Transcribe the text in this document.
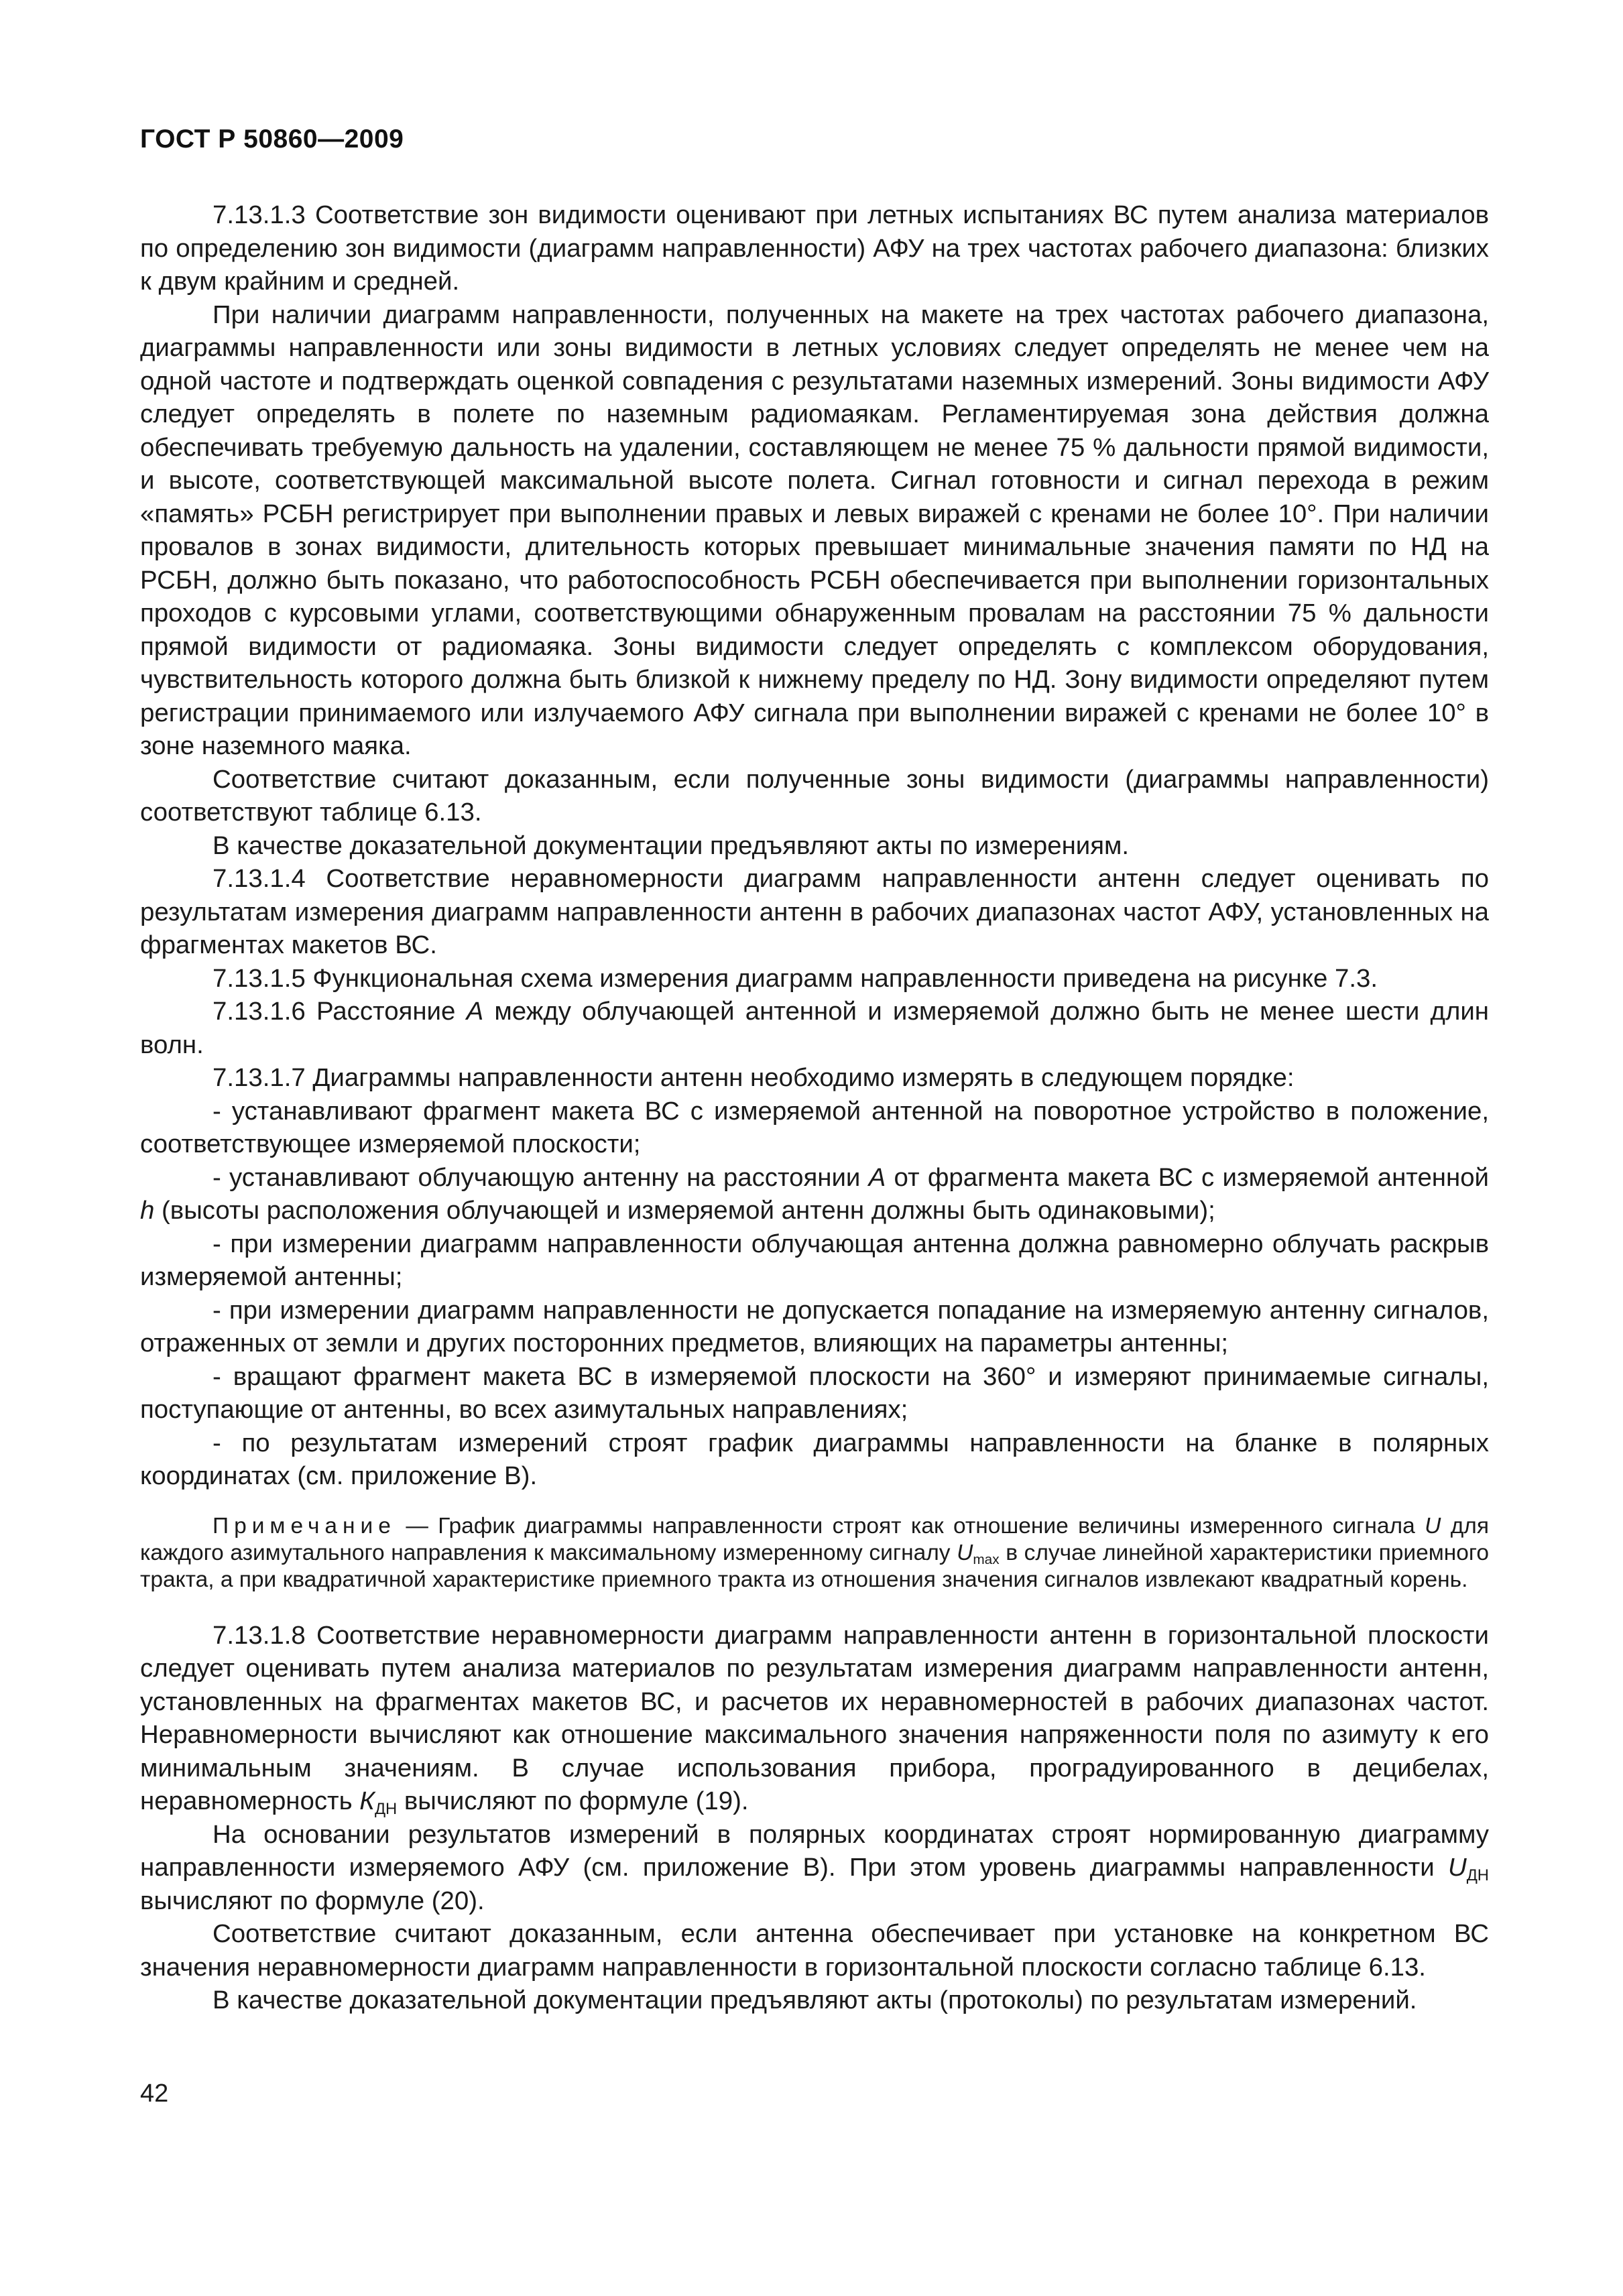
ГОСТ Р 50860—2009

7.13.1.3 Соответствие зон видимости оценивают при летных испытаниях ВС путем анализа материалов по определению зон видимости (диаграмм направленности) АФУ на трех частотах рабочего диапазона: близких к двум крайним и средней.

При наличии диаграмм направленности, полученных на макете на трех частотах рабочего диапазона, диаграммы направленности или зоны видимости в летных условиях следует определять не менее чем на одной частоте и подтверждать оценкой совпадения с результатами наземных измерений. Зоны видимости АФУ следует определять в полете по наземным радиомаякам. Регламентируемая зона действия должна обеспечивать требуемую дальность на удалении, составляющем не менее 75 % дальности прямой видимости, и высоте, соответствующей максимальной высоте полета. Сигнал готовности и сигнал перехода в режим «память» РСБН регистрирует при выполнении правых и левых виражей с кренами не более 10°. При наличии провалов в зонах видимости, длительность которых превышает минимальные значения памяти по НД на РСБН, должно быть показано, что работоспособность РСБН обеспечивается при выполнении горизонтальных проходов с курсовыми углами, соответствующими обнаруженным провалам на расстоянии 75 % дальности прямой видимости от радиомаяка. Зоны видимости следует определять с комплексом оборудования, чувствительность которого должна быть близкой к нижнему пределу по НД. Зону видимости определяют путем регистрации принимаемого или излучаемого АФУ сигнала при выполнении виражей с кренами не более 10° в зоне наземного маяка.

Соответствие считают доказанным, если полученные зоны видимости (диаграммы направленности) соответствуют таблице 6.13.

В качестве доказательной документации предъявляют акты по измерениям.

7.13.1.4 Соответствие неравномерности диаграмм направленности антенн следует оценивать по результатам измерения диаграмм направленности антенн в рабочих диапазонах частот АФУ, установленных на фрагментах макетов ВС.

7.13.1.5 Функциональная схема измерения диаграмм направленности приведена на рисунке 7.3.

7.13.1.6 Расстояние А между облучающей антенной и измеряемой должно быть не менее шести длин волн.

7.13.1.7 Диаграммы направленности антенн необходимо измерять в следующем порядке:

- устанавливают фрагмент макета ВС с измеряемой антенной на поворотное устройство в положение, соответствующее измеряемой плоскости;

- устанавливают облучающую антенну на расстоянии А от фрагмента макета ВС с измеряемой антенной h (высоты расположения облучающей и измеряемой антенн должны быть одинаковыми);

- при измерении диаграмм направленности облучающая антенна должна равномерно облучать раскрыв измеряемой антенны;

- при измерении диаграмм направленности не допускается попадание на измеряемую антенну сигналов, отраженных от земли и других посторонних предметов, влияющих на параметры антенны;

- вращают фрагмент макета ВС в измеряемой плоскости на 360° и измеряют принимаемые сигналы, поступающие от антенны, во всех азимутальных направлениях;

- по результатам измерений строят график диаграммы направленности на бланке в полярных координатах (см. приложение В).

Примечание — График диаграммы направленности строят как отношение величины измеренного сигнала U для каждого азимутального направления к максимальному измеренному сигналу $U_{max}$ в случае линейной характеристики приемного тракта, а при квадратичной характеристике приемного тракта из отношения значения сигналов извлекают квадратный корень.

7.13.1.8 Соответствие неравномерности диаграмм направленности антенн в горизонтальной плоскости следует оценивать путем анализа материалов по результатам измерения диаграмм направленности антенн, установленных на фрагментах макетов ВС, и расчетов их неравномерностей в рабочих диапазонах частот. Неравномерности вычисляют как отношение максимального значения напряженности поля по азимуту к его минимальным значениям. В случае использования прибора, проградуированного в децибелах, неравномерность $К_{ДН}$ вычисляют по формуле (19).

На основании результатов измерений в полярных координатах строят нормированную диаграмму направленности измеряемого АФУ (см. приложение В). При этом уровень диаграммы направленности $U_{ДН}$ вычисляют по формуле (20).

Соответствие считают доказанным, если антенна обеспечивает при установке на конкретном ВС значения неравномерности диаграмм направленности в горизонтальной плоскости согласно таблице 6.13.

В качестве доказательной документации предъявляют акты (протоколы) по результатам измерений.

42
